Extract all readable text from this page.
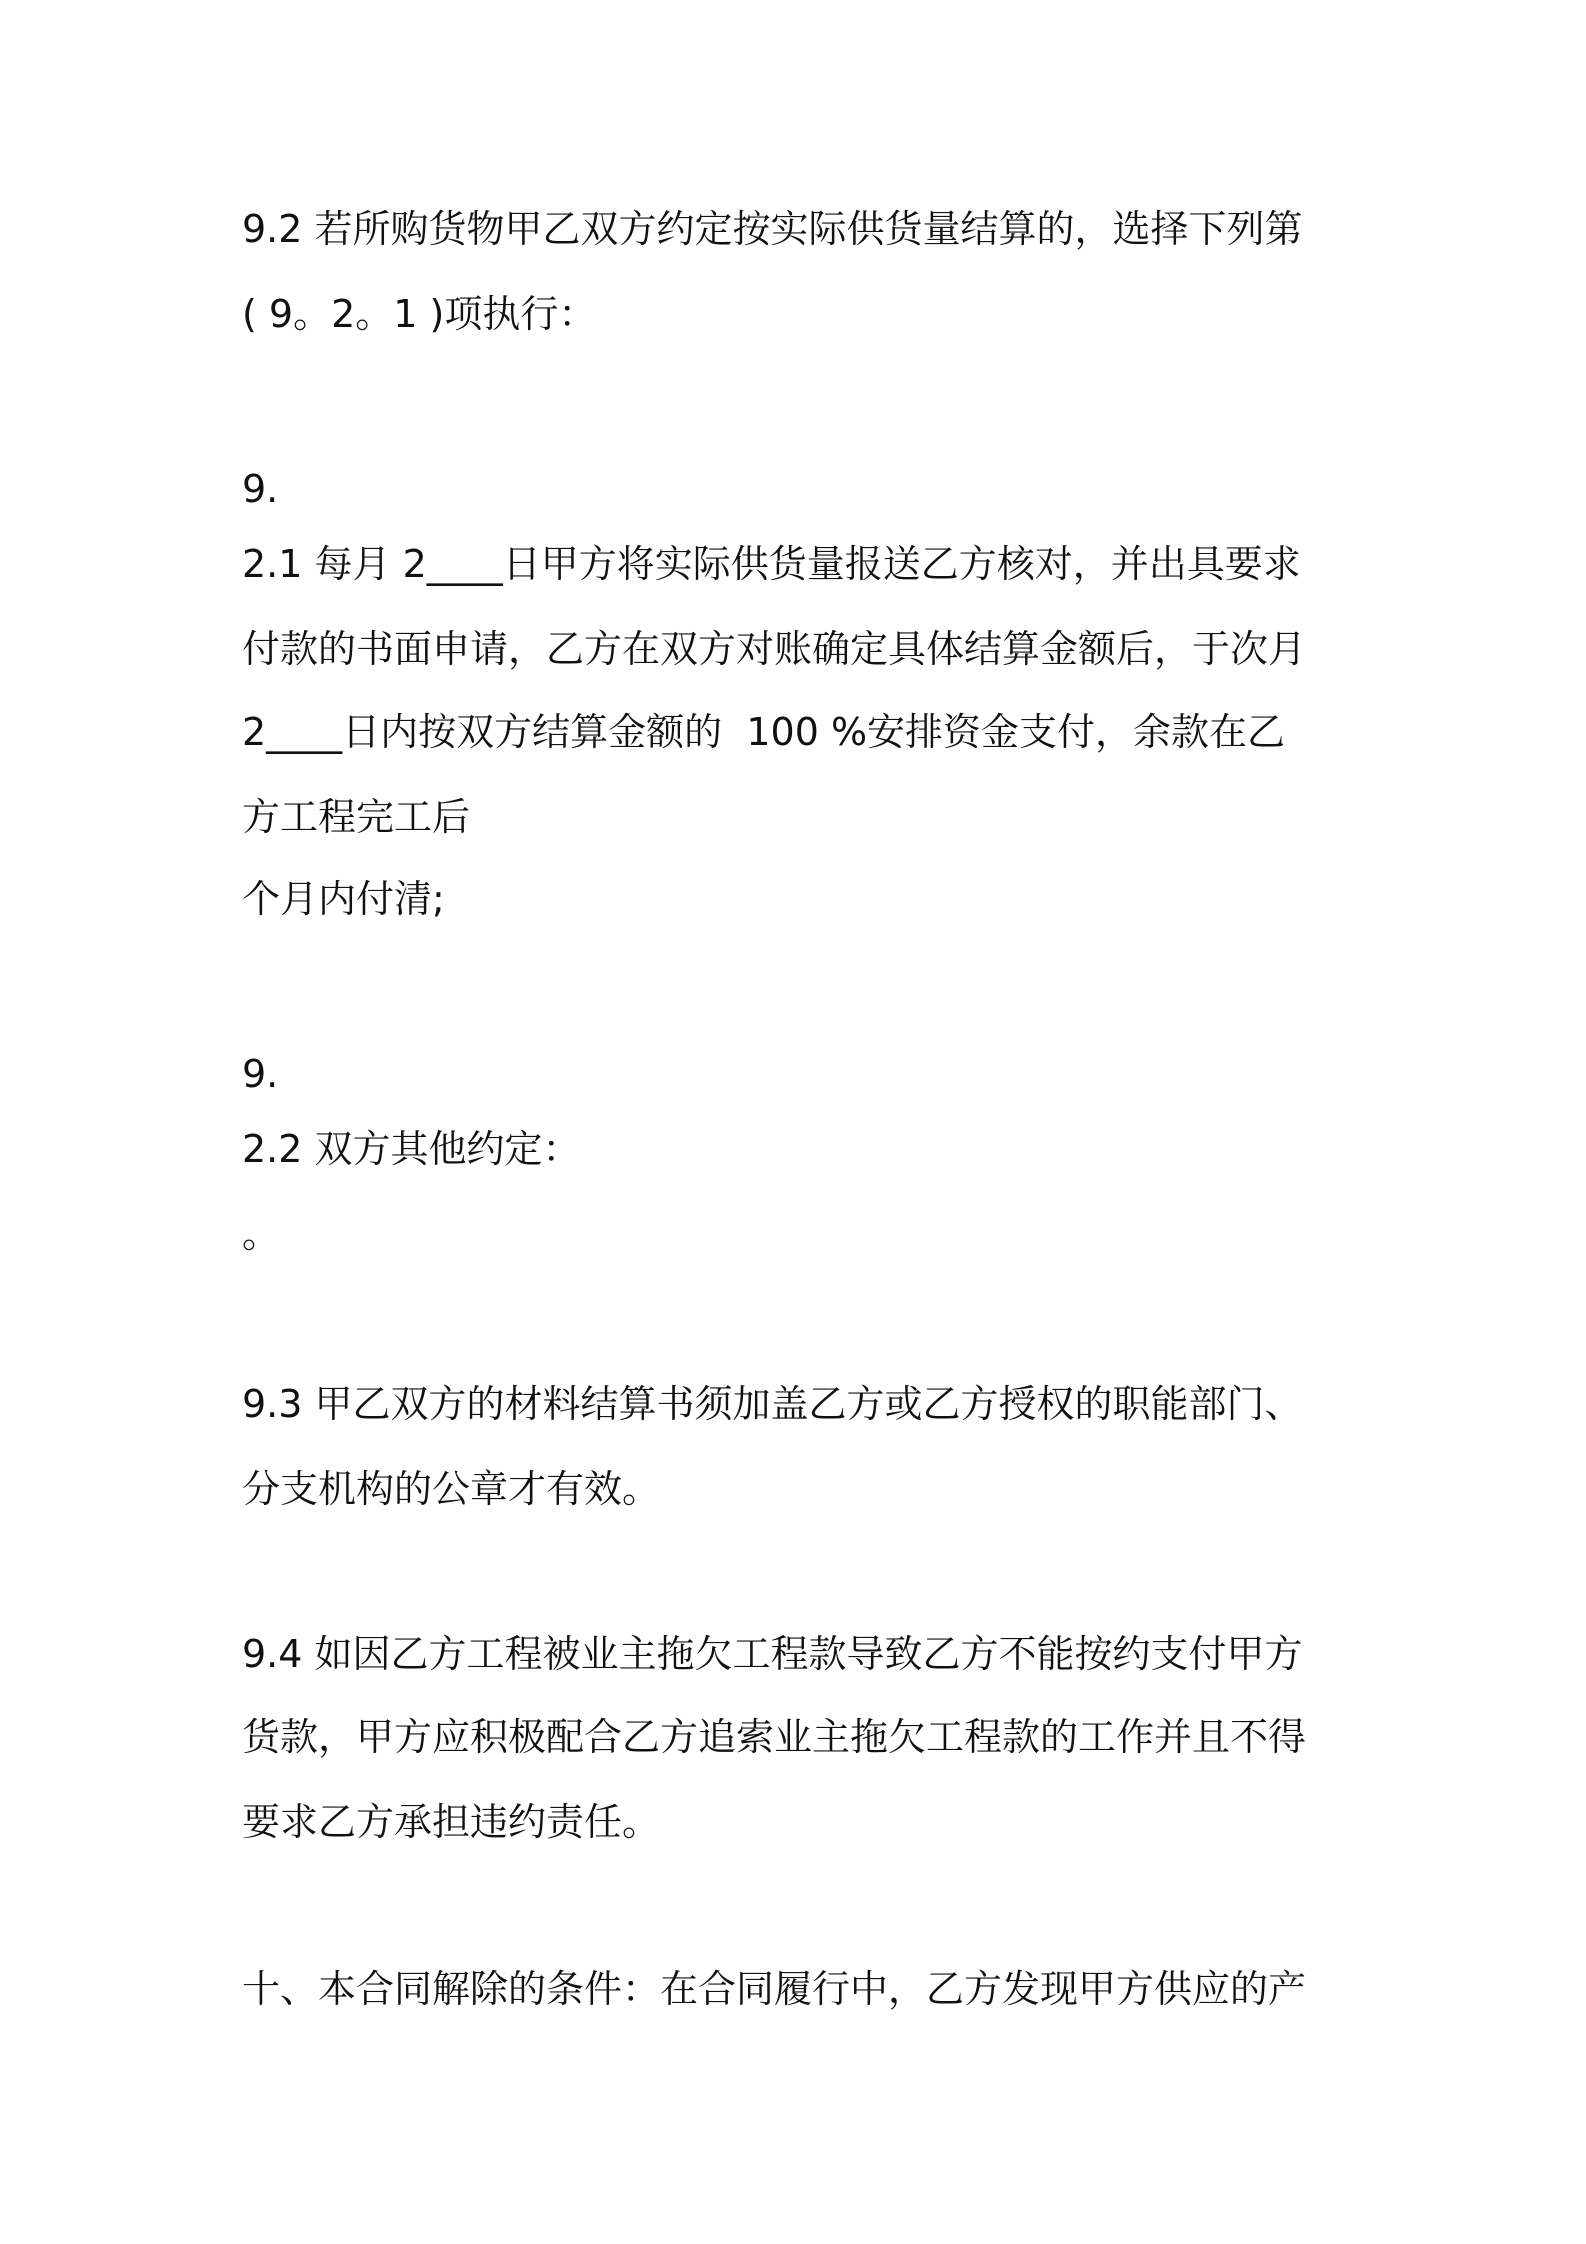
9.2 若所购货物甲乙双方约定按实际供货量结算的，选择下列第
( 9。2。1 )项执行：
9.
2.1 每月 2____日甲方将实际供货量报送乙方核对，并出具要求
付款的书面申请，乙方在双方对账确定具体结算金额后，于次月
2____日内按双方结算金额的  100 %安排资金支付，余款在乙
方工程完工后
个月内付清;
9.
2.2 双方其他约定：
。
9.3 甲乙双方的材料结算书须加盖乙方或乙方授权的职能部门、
分支机构的公章才有效。
9.4 如因乙方工程被业主拖欠工程款导致乙方不能按约支付甲方
货款，甲方应积极配合乙方追索业主拖欠工程款的工作并且不得
要求乙方承担违约责任。
十、本合同解除的条件：在合同履行中，乙方发现甲方供应的产
